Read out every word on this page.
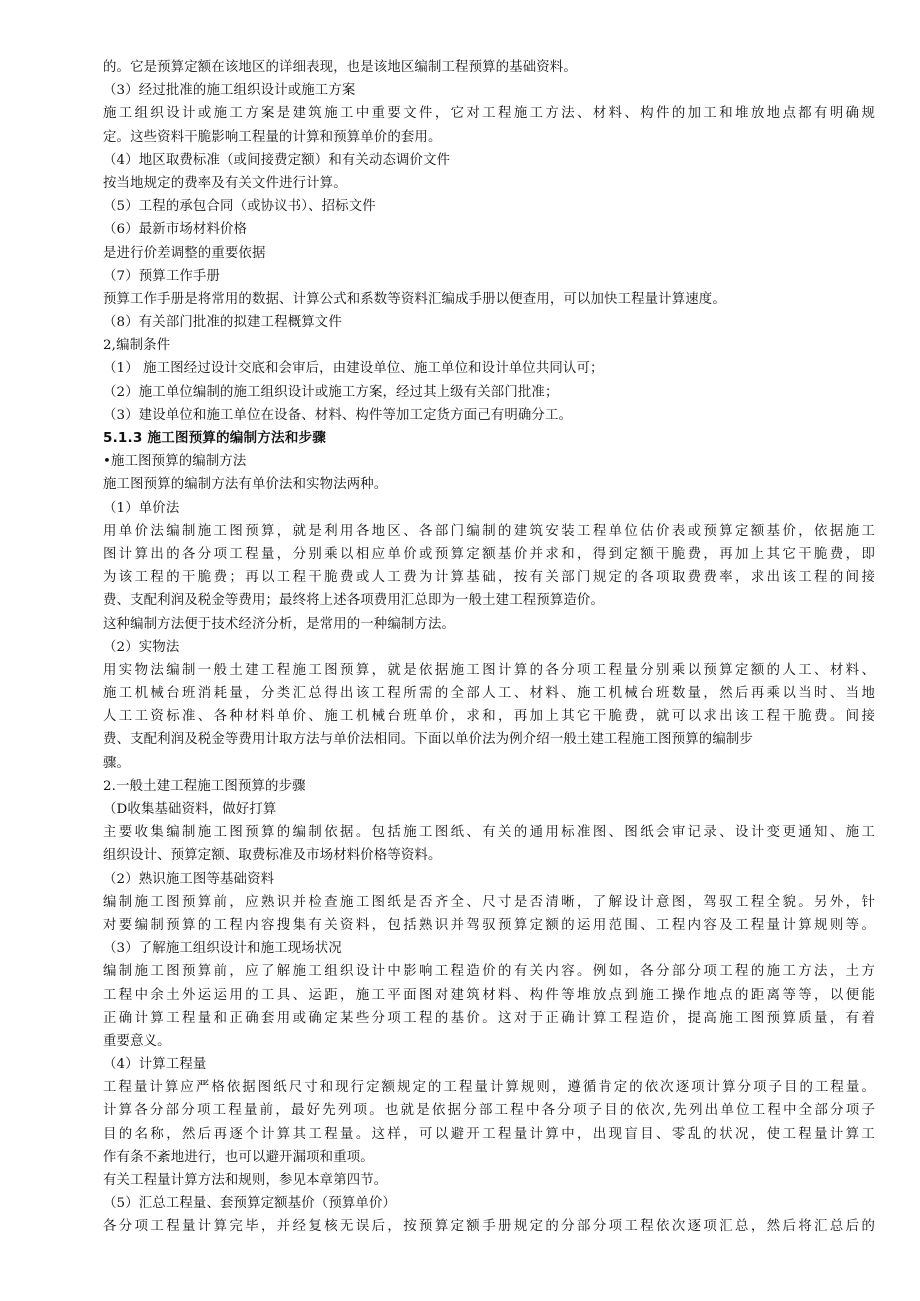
的。它是预算定额在该地区的详细表现，也是该地区编制工程预算的基础资料。
（3）经过批准的施工组织设计或施工方案
施工组织设计或施工方案是建筑施工中重要文件，它对工程施工方法、材料、构件的加工和堆放地点都有明确规
定。这些资料干脆影响工程量的计算和预算单价的套用。
（4）地区取费标准（或间接费定额）和有关动态调价文件
按当地规定的费率及有关文件进行计算。
（5）工程的承包合同（或协议书）、招标文件
（6）最新市场材料价格
是进行价差调整的重要依据
（7）预算工作手册
预算工作手册是将常用的数据、计算公式和系数等资料汇编成手册以便查用，可以加快工程量计算速度。
（8）有关部门批准的拟建工程概算文件
2,编制条件
（1） 施工图经过设计交底和会审后，由建设单位、施工单位和设计单位共同认可；
（2）施工单位编制的施工组织设计或施工方案，经过其上级有关部门批准；
（3）建设单位和施工单位在设备、材料、构件等加工定货方面己有明确分工。
5.1.3 施工图预算的编制方法和步骤
•施工图预算的编制方法
施工图预算的编制方法有单价法和实物法两种。
（1）单价法
用单价法编制施工图预算，就是利用各地区、各部门编制的建筑安装工程单位估价表或预算定额基价，依据施工
图计算出的各分项工程量，分别乘以相应单价或预算定额基价并求和，得到定额干脆费，再加上其它干脆费，即
为该工程的干脆费；再以工程干脆费或人工费为计算基础，按有关部门规定的各项取费费率，求出该工程的间接
费、支配利润及税金等费用；最终将上述各项费用汇总即为一般土建工程预算造价。
这种编制方法便于技术经济分析，是常用的一种编制方法。
（2）实物法
用实物法编制一般土建工程施工图预算，就是依据施工图计算的各分项工程量分别乘以预算定额的人工、材料、
施工机械台班消耗量，分类汇总得出该工程所需的全部人工、材料、施工机械台班数量，然后再乘以当时、当地
人工工资标准、各种材料单价、施工机械台班单价，求和，再加上其它干脆费，就可以求出该工程干脆费。间接
费、支配利润及税金等费用计取方法与单价法相同。下面以单价法为例介绍一般土建工程施工图预算的编制步
骤。
2.一般土建工程施工图预算的步骤
（D收集基础资料，做好打算
主要收集编制施工图预算的编制依据。包括施工图纸、有关的通用标准图、图纸会审记录、设计变更通知、施工
组织设计、预算定额、取费标准及市场材料价格等资料。
（2）熟识施工图等基础资料
编制施工图预算前，应熟识并检查施工图纸是否齐全、尺寸是否清晰，了解设计意图，驾驭工程全貌。另外，针
对要编制预算的工程内容搜集有关资料，包括熟识并驾驭预算定额的运用范围、工程内容及工程量计算规则等。
（3）了解施工组织设计和施工现场状况
编制施工图预算前，应了解施工组织设计中影响工程造价的有关内容。例如，各分部分项工程的施工方法，土方
工程中余土外运运用的工具、运距，施工平面图对建筑材料、构件等堆放点到施工操作地点的距离等等，以便能
正确计算工程量和正确套用或确定某些分项工程的基价。这对于正确计算工程造价，提高施工图预算质量，有着
重要意义。
（4）计算工程量
工程量计算应严格依据图纸尺寸和现行定额规定的工程量计算规则，遵循肯定的依次逐项计算分项子目的工程量。
计算各分部分项工程量前，最好先列项。也就是依据分部工程中各分项子目的依次,先列出单位工程中全部分项子
目的名称，然后再逐个计算其工程量。这样，可以避开工程量计算中，出现盲目、零乱的状况，使工程量计算工
作有条不紊地进行，也可以避开漏项和重项。
有关工程量计算方法和规则，参见本章第四节。
（5）汇总工程量、套预算定额基价（预算单价）
各分项工程量计算完毕，并经复核无误后，按预算定额手册规定的分部分项工程依次逐项汇总，然后将汇总后的
